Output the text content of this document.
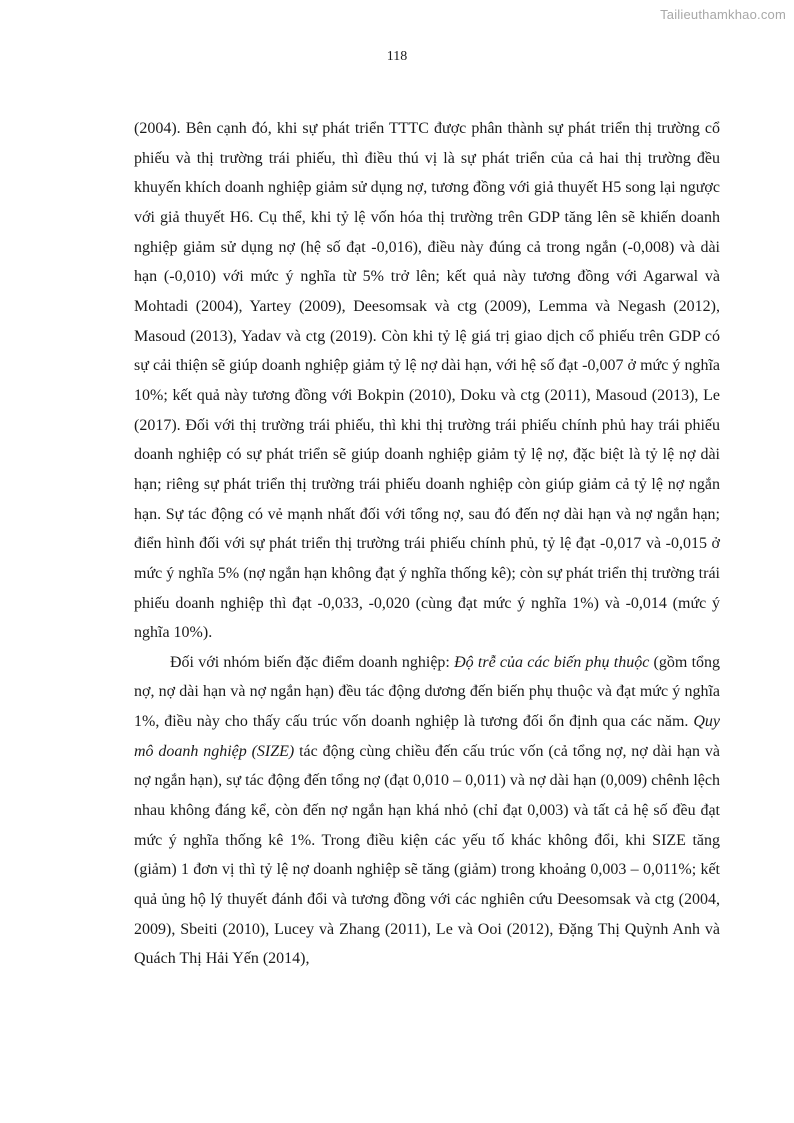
Tailieuthamkhao.com
118

(2004). Bên cạnh đó, khi sự phát triển TTTC được phân thành sự phát triển thị trường cổ phiếu và thị trường trái phiếu, thì điều thú vị là sự phát triển của cả hai thị trường đều khuyến khích doanh nghiệp giảm sử dụng nợ, tương đồng với giả thuyết H5 song lại ngược với giả thuyết H6. Cụ thể, khi tỷ lệ vốn hóa thị trường trên GDP tăng lên sẽ khiến doanh nghiệp giảm sử dụng nợ (hệ số đạt -0,016), điều này đúng cả trong ngắn (-0,008) và dài hạn (-0,010) với mức ý nghĩa từ 5% trở lên; kết quả này tương đồng với Agarwal và Mohtadi (2004), Yartey (2009), Deesomsak và ctg (2009), Lemma và Negash (2012), Masoud (2013), Yadav và ctg (2019). Còn khi tỷ lệ giá trị giao dịch cổ phiếu trên GDP có sự cải thiện sẽ giúp doanh nghiệp giảm tỷ lệ nợ dài hạn, với hệ số đạt -0,007 ở mức ý nghĩa 10%; kết quả này tương đồng với Bokpin (2010), Doku và ctg (2011), Masoud (2013), Le (2017). Đối với thị trường trái phiếu, thì khi thị trường trái phiếu chính phủ hay trái phiếu doanh nghiệp có sự phát triển sẽ giúp doanh nghiệp giảm tỷ lệ nợ, đặc biệt là tỷ lệ nợ dài hạn; riêng sự phát triển thị trường trái phiếu doanh nghiệp còn giúp giảm cả tỷ lệ nợ ngắn hạn. Sự tác động có vẻ mạnh nhất đối với tổng nợ, sau đó đến nợ dài hạn và nợ ngắn hạn; điển hình đối với sự phát triển thị trường trái phiếu chính phủ, tỷ lệ đạt -0,017 và -0,015 ở mức ý nghĩa 5% (nợ ngắn hạn không đạt ý nghĩa thống kê); còn sự phát triển thị trường trái phiếu doanh nghiệp thì đạt -0,033, -0,020 (cùng đạt mức ý nghĩa 1%) và -0,014 (mức ý nghĩa 10%).

Đối với nhóm biến đặc điểm doanh nghiệp: Độ trễ của các biến phụ thuộc (gồm tổng nợ, nợ dài hạn và nợ ngắn hạn) đều tác động dương đến biến phụ thuộc và đạt mức ý nghĩa 1%, điều này cho thấy cấu trúc vốn doanh nghiệp là tương đối ổn định qua các năm. Quy mô doanh nghiệp (SIZE) tác động cùng chiều đến cấu trúc vốn (cả tổng nợ, nợ dài hạn và nợ ngắn hạn), sự tác động đến tổng nợ (đạt 0,010 – 0,011) và nợ dài hạn (0,009) chênh lệch nhau không đáng kể, còn đến nợ ngắn hạn khá nhỏ (chỉ đạt 0,003) và tất cả hệ số đều đạt mức ý nghĩa thống kê 1%. Trong điều kiện các yếu tố khác không đổi, khi SIZE tăng (giảm) 1 đơn vị thì tỷ lệ nợ doanh nghiệp sẽ tăng (giảm) trong khoảng 0,003 – 0,011%; kết quả ủng hộ lý thuyết đánh đổi và tương đồng với các nghiên cứu Deesomsak và ctg (2004, 2009), Sbeiti (2010), Lucey và Zhang (2011), Le và Ooi (2012), Đặng Thị Quỳnh Anh và Quách Thị Hải Yến (2014),
